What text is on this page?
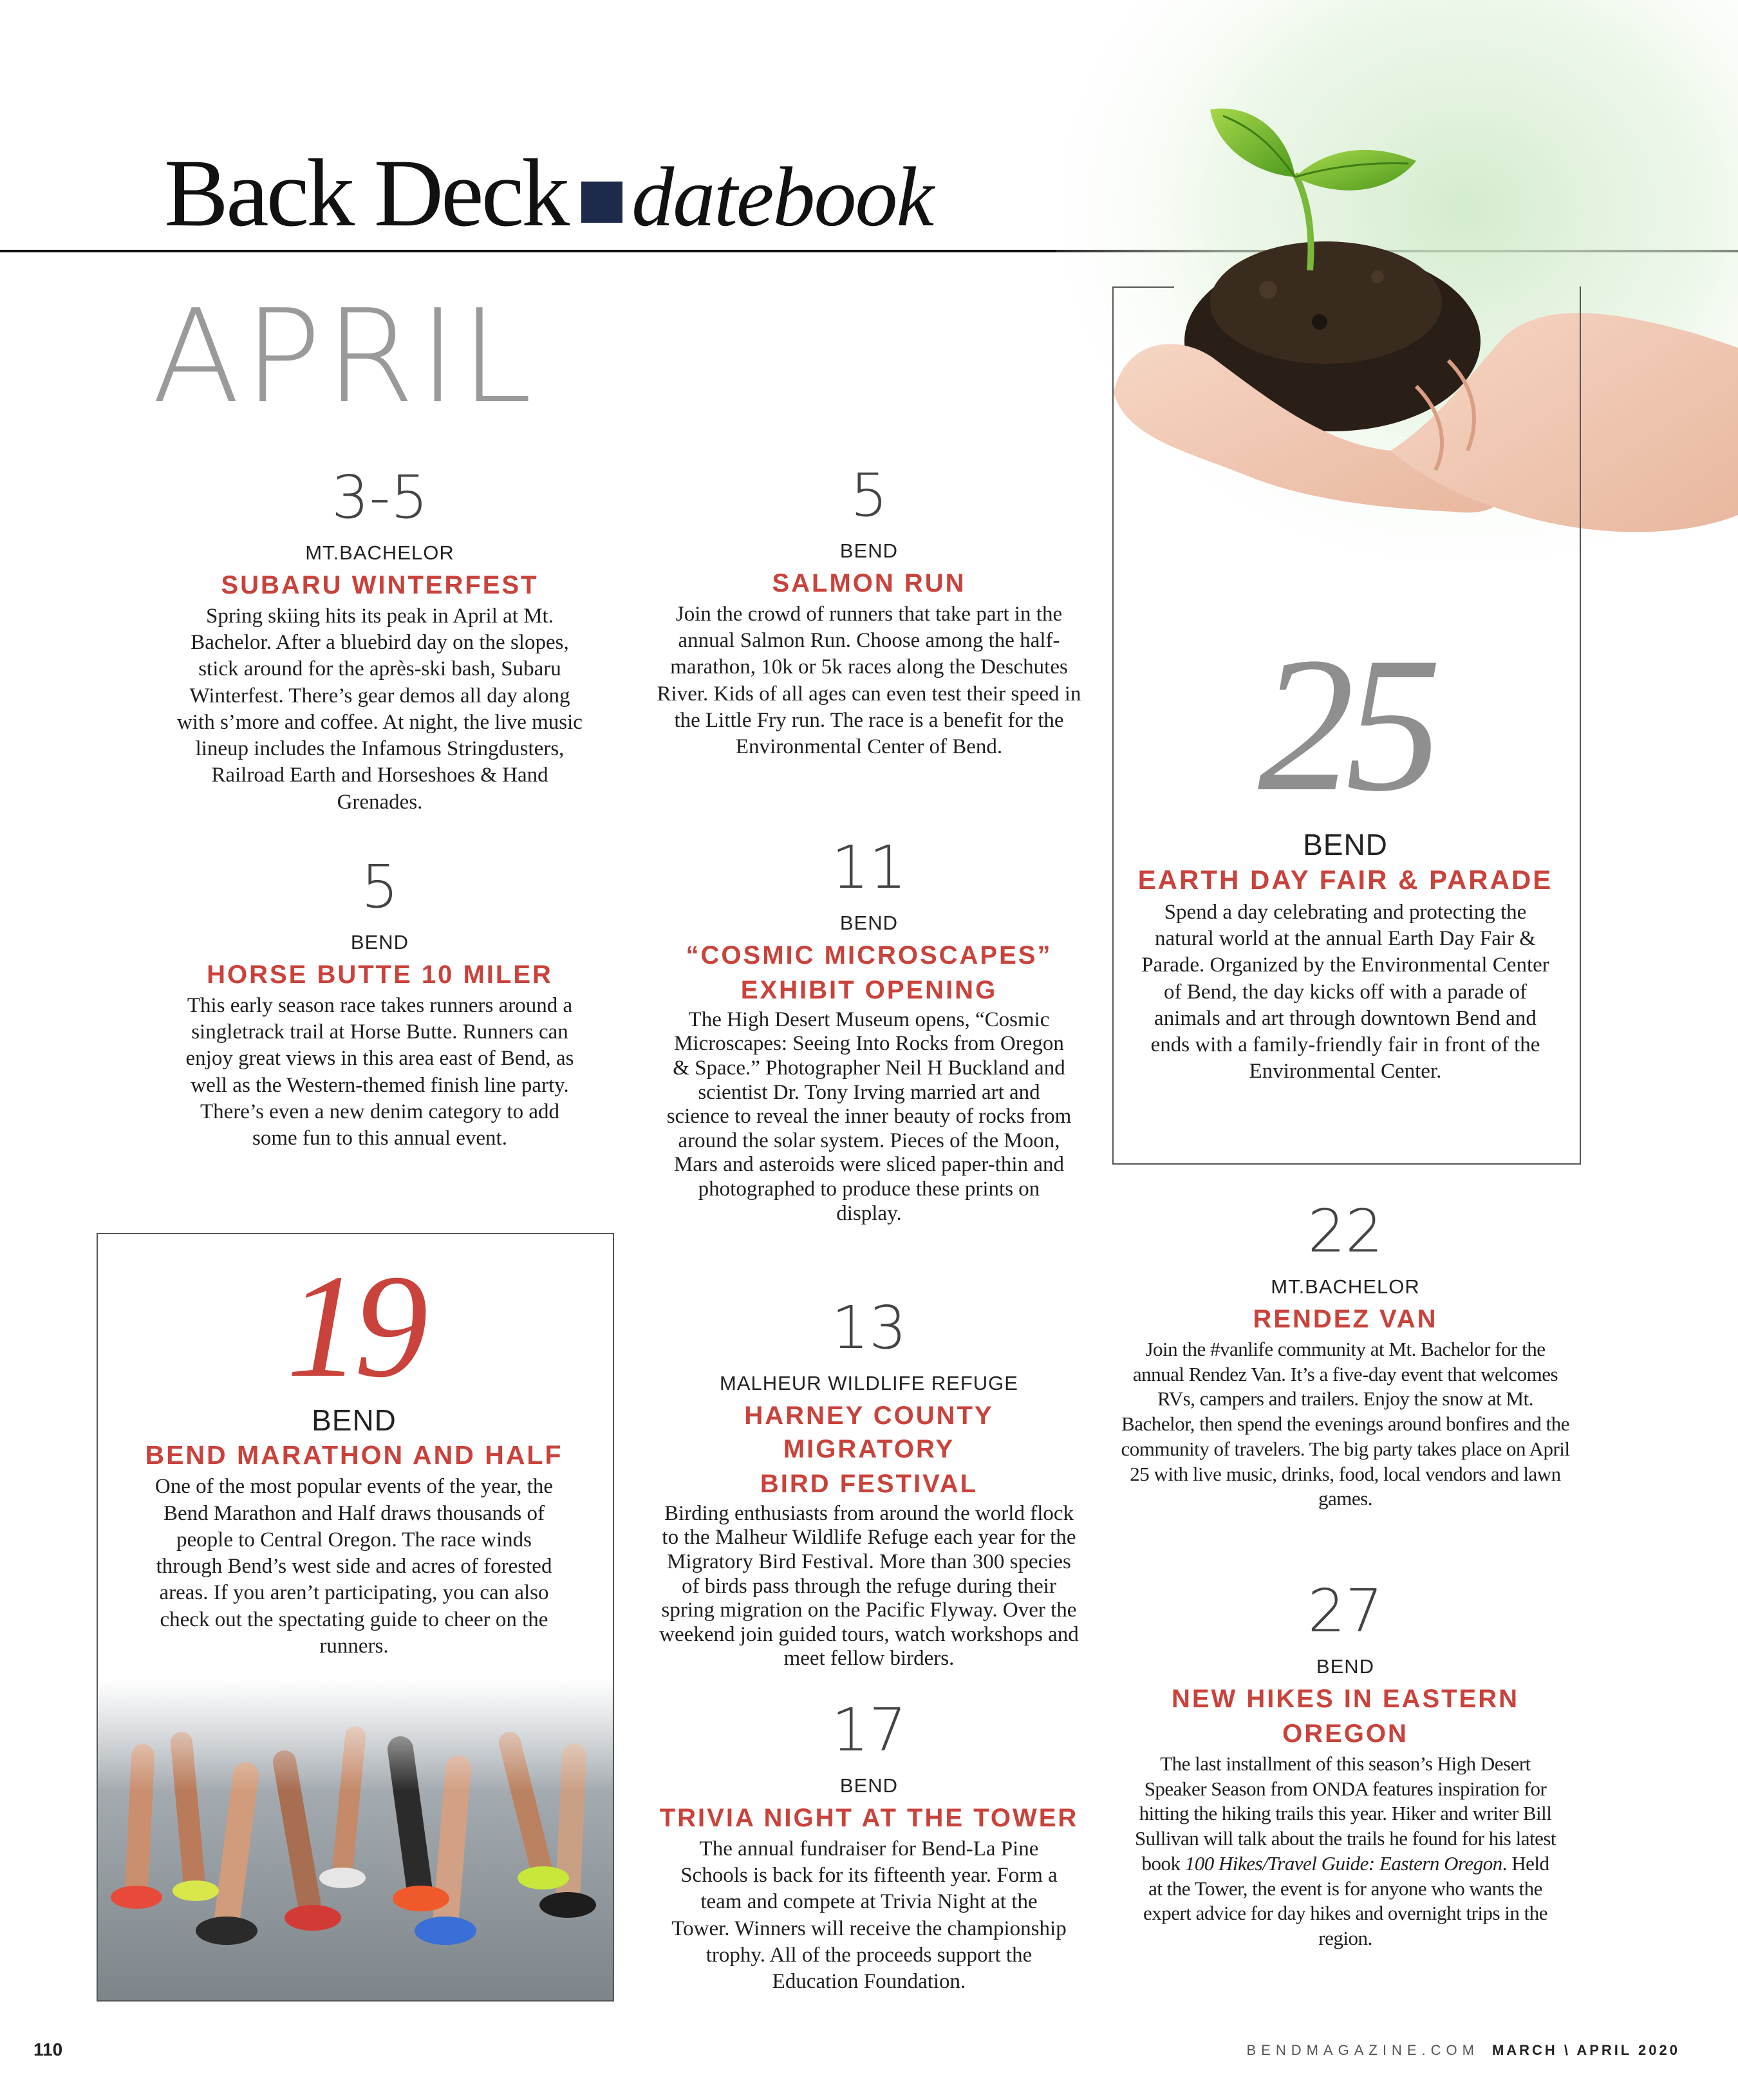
Back Deck datebook
APRIL
25
BEND
EARTH DAY FAIR & PARADE
Spend a day celebrating and protecting the natural world at the annual Earth Day Fair & Parade. Organized by the Environmental Center of Bend, the day kicks off with a parade of animals and art through downtown Bend and ends with a family-friendly fair in front of the Environmental Center.
3-5
MT.BACHELOR
SUBARU WINTERFEST
Spring skiing hits its peak in April at Mt. Bachelor. After a bluebird day on the slopes, stick around for the après-ski bash, Subaru Winterfest. There’s gear demos all day along with s’more and coffee. At night, the live music lineup includes the Infamous Stringdusters, Railroad Earth and Horseshoes & Hand Grenades.
5
BEND
HORSE BUTTE 10 MILER
This early season race takes runners around a singletrack trail at Horse Butte. Runners can enjoy great views in this area east of Bend, as well as the Western-themed finish line party. There’s even a new denim category to add some fun to this annual event.
19
BEND
BEND MARATHON AND HALF
One of the most popular events of the year, the Bend Marathon and Half draws thousands of people to Central Oregon. The race winds through Bend’s west side and acres of forested areas. If you aren’t participating, you can also check out the spectating guide to cheer on the runners.
5
BEND
SALMON RUN
Join the crowd of runners that take part in the annual Salmon Run. Choose among the half-marathon, 10k or 5k races along the Deschutes River. Kids of all ages can even test their speed in the Little Fry run. The race is a benefit for the Environmental Center of Bend.
11
BEND
“COSMIC MICROSCAPES”
EXHIBIT OPENING
The High Desert Museum opens, “Cosmic Microscapes: Seeing Into Rocks from Oregon & Space.” Photographer Neil H Buckland and scientist Dr. Tony Irving married art and science to reveal the inner beauty of rocks from around the solar system. Pieces of the Moon, Mars and asteroids were sliced paper-thin and photographed to produce these prints on display.
13
MALHEUR WILDLIFE REFUGE
HARNEY COUNTY MIGRATORY
BIRD FESTIVAL
Birding enthusiasts from around the world flock to the Malheur Wildlife Refuge each year for the Migratory Bird Festival. More than 300 species of birds pass through the refuge during their spring migration on the Pacific Flyway. Over the weekend join guided tours, watch workshops and meet fellow birders.
17
BEND
TRIVIA NIGHT AT THE TOWER
The annual fundraiser for Bend-La Pine Schools is back for its fifteenth year. Form a team and compete at Trivia Night at the Tower. Winners will receive the championship trophy. All of the proceeds support the Education Foundation.
22
MT.BACHELOR
RENDEZ VAN
Join the #vanlife community at Mt. Bachelor for the annual Rendez Van. It’s a five-day event that welcomes RVs, campers and trailers. Enjoy the snow at Mt. Bachelor, then spend the evenings around bonfires and the community of travelers. The big party takes place on April 25 with live music, drinks, food, local vendors and lawn games.
27
BEND
NEW HIKES IN EASTERN
OREGON
The last installment of this season’s High Desert Speaker Season from ONDA features inspiration for hitting the hiking trails this year. Hiker and writer Bill Sullivan will talk about the trails he found for his latest book 100 Hikes/Travel Guide: Eastern Oregon. Held at the Tower, the event is for anyone who wants the expert advice for day hikes and overnight trips in the region.
110	BENDMAGAZINE.COM MARCH \ APRIL 2020
